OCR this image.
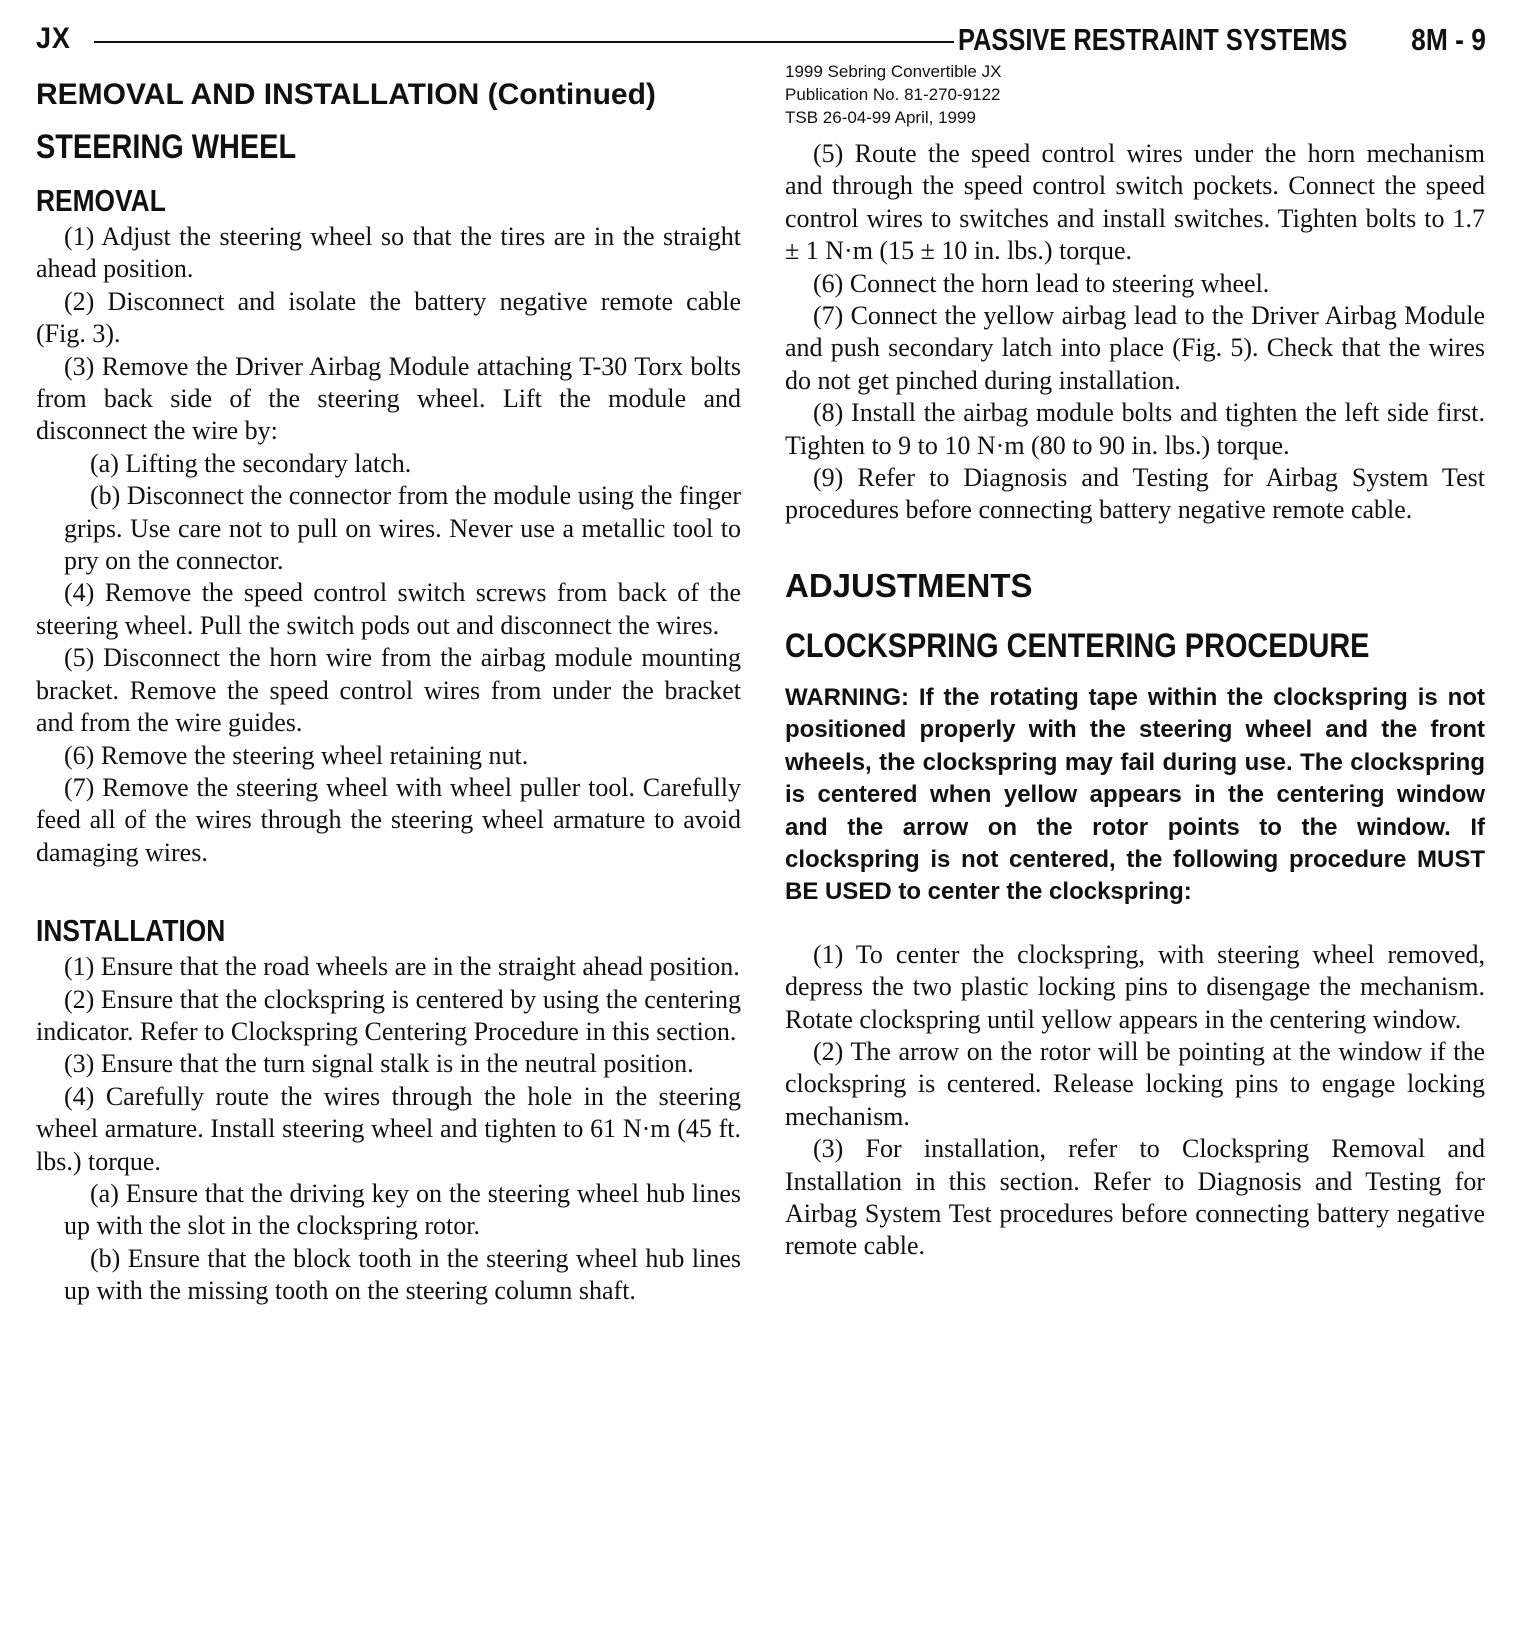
JX	PASSIVE RESTRAINT SYSTEMS 8M - 9
1999 Sebring Convertible JX
Publication No. 81-270-9122
TSB 26-04-99 April, 1999
REMOVAL AND INSTALLATION (Continued)
STEERING WHEEL
REMOVAL

(1) Adjust the steering wheel so that the tires are in the straight ahead position.

(2) Disconnect and isolate the battery negative remote cable (Fig. 3).

(3) Remove the Driver Airbag Module attaching T-30 Torx bolts from back side of the steering wheel. Lift the module and disconnect the wire by:

(a) Lifting the secondary latch.

(b) Disconnect the connector from the module using the finger grips. Use care not to pull on wires. Never use a metallic tool to pry on the connector.

(4) Remove the speed control switch screws from back of the steering wheel. Pull the switch pods out and disconnect the wires.

(5) Disconnect the horn wire from the airbag module mounting bracket. Remove the speed control wires from under the bracket and from the wire guides.

(6) Remove the steering wheel retaining nut.

(7) Remove the steering wheel with wheel puller tool. Carefully feed all of the wires through the steering wheel armature to avoid damaging wires.

INSTALLATION

(1) Ensure that the road wheels are in the straight ahead position.

(2) Ensure that the clockspring is centered by using the centering indicator. Refer to Clockspring Centering Procedure in this section.

(3) Ensure that the turn signal stalk is in the neutral position.

(4) Carefully route the wires through the hole in the steering wheel armature. Install steering wheel and tighten to 61 N·m (45 ft. lbs.) torque.

(a) Ensure that the driving key on the steering wheel hub lines up with the slot in the clockspring rotor.

(b) Ensure that the block tooth in the steering wheel hub lines up with the missing tooth on the steering column shaft.

(5) Route the speed control wires under the horn mechanism and through the speed control switch pockets. Connect the speed control wires to switches and install switches. Tighten bolts to 1.7 ± 1 N·m (15 ± 10 in. lbs.) torque.

(6) Connect the horn lead to steering wheel.

(7) Connect the yellow airbag lead to the Driver Airbag Module and push secondary latch into place (Fig. 5). Check that the wires do not get pinched during installation.

(8) Install the airbag module bolts and tighten the left side first. Tighten to 9 to 10 N·m (80 to 90 in. lbs.) torque.

(9) Refer to Diagnosis and Testing for Airbag System Test procedures before connecting battery negative remote cable.

ADJUSTMENTS
CLOCKSPRING CENTERING PROCEDURE
WARNING: If the rotating tape within the clockspring is not positioned properly with the steering wheel and the front wheels, the clockspring may fail during use. The clockspring is centered when yellow appears in the centering window and the arrow on the rotor points to the window. If clockspring is not centered, the following procedure MUST BE USED to center the clockspring:

(1) To center the clockspring, with steering wheel removed, depress the two plastic locking pins to disengage the mechanism. Rotate clockspring until yellow appears in the centering window.

(2) The arrow on the rotor will be pointing at the window if the clockspring is centered. Release locking pins to engage locking mechanism.

(3) For installation, refer to Clockspring Removal and Installation in this section. Refer to Diagnosis and Testing for Airbag System Test procedures before connecting battery negative remote cable.
